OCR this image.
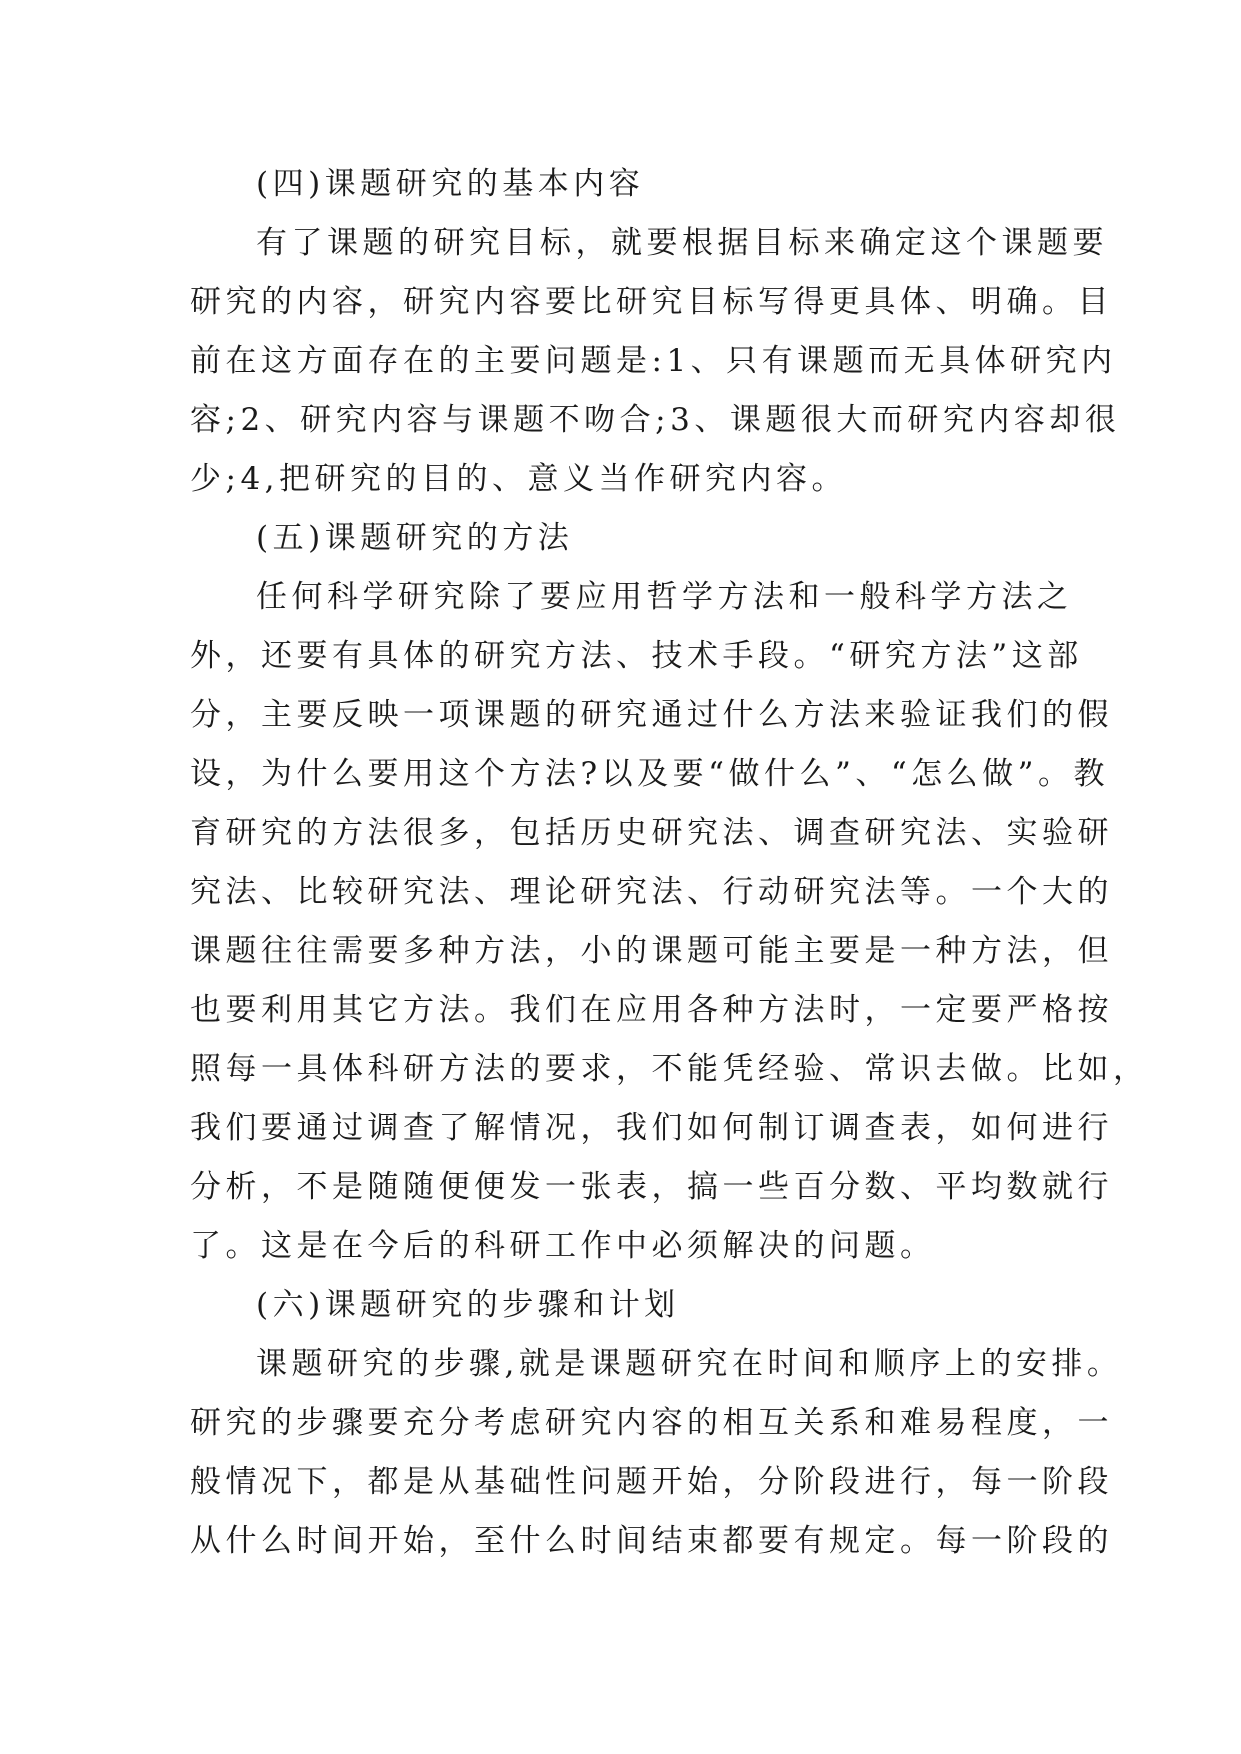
(四)课题研究的基本内容
有了课题的研究目标，就要根据目标来确定这个课题要
研究的内容，研究内容要比研究目标写得更具体、明确。目
前在这方面存在的主要问题是:1、只有课题而无具体研究内
容;2、研究内容与课题不吻合;3、课题很大而研究内容却很
少;4,把研究的目的、意义当作研究内容。
(五)课题研究的方法
任何科学研究除了要应用哲学方法和一般科学方法之
外，还要有具体的研究方法、技术手段。“研究方法”这部
分，主要反映一项课题的研究通过什么方法来验证我们的假
设，为什么要用这个方法?以及要“做什么”、“怎么做”。教
育研究的方法很多，包括历史研究法、调查研究法、实验研
究法、比较研究法、理论研究法、行动研究法等。一个大的
课题往往需要多种方法，小的课题可能主要是一种方法，但
也要利用其它方法。我们在应用各种方法时，一定要严格按
照每一具体科研方法的要求，不能凭经验、常识去做。比如，
我们要通过调查了解情况，我们如何制订调查表，如何进行
分析，不是随随便便发一张表，搞一些百分数、平均数就行
了。这是在今后的科研工作中必须解决的问题。
(六)课题研究的步骤和计划
课题研究的步骤,就是课题研究在时间和顺序上的安排。
研究的步骤要充分考虑研究内容的相互关系和难易程度，一
般情况下，都是从基础性问题开始，分阶段进行，每一阶段
从什么时间开始，至什么时间结束都要有规定。每一阶段的
